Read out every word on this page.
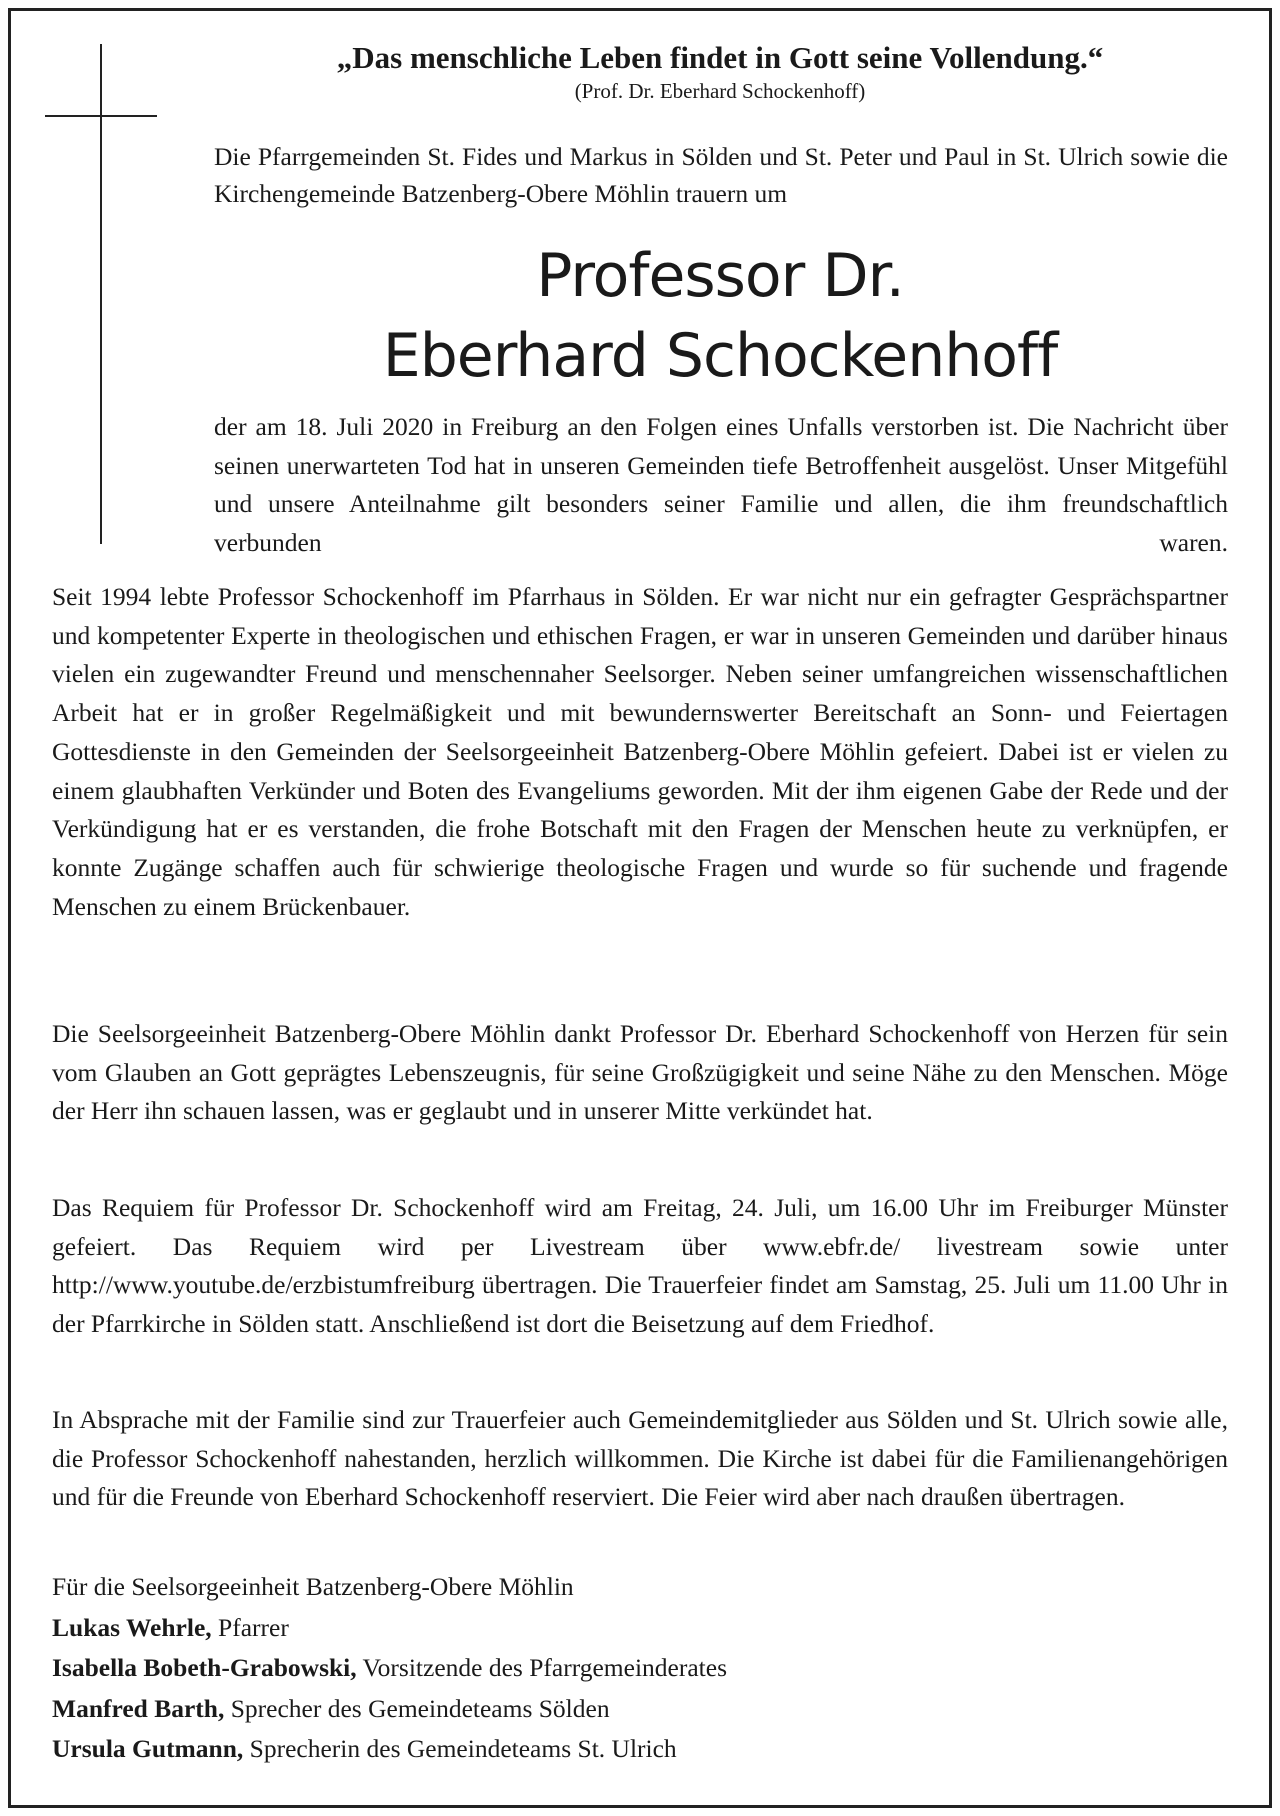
„Das menschliche Leben findet in Gott seine Vollendung.“

(Prof. Dr. Eberhard Schockenhoff)

Die Pfarrgemeinden St. Fides und Markus in Sölden und St. Peter und Paul in St. Ulrich sowie die Kirchengemeinde Batzenberg-Obere Möhlin trauern um

Professor Dr.
Eberhard Schockenhoff

der am 18. Juli 2020 in Freiburg an den Folgen eines Unfalls verstorben ist. Die Nachricht über seinen unerwarteten Tod hat in unseren Gemeinden tiefe Betroffenheit ausgelöst. Unser Mitgefühl und unsere Anteilnahme gilt besonders seiner Familie und allen, die ihm freundschaftlich verbunden waren.

Seit 1994 lebte Professor Schockenhoff im Pfarrhaus in Sölden. Er war nicht nur ein gefragter Gesprächspartner und kompetenter Experte in theologischen und ethischen Fragen, er war in unseren Gemeinden und darüber hinaus vielen ein zugewandter Freund und menschennaher Seelsorger. Neben seiner umfangreichen wissenschaftlichen Arbeit hat er in großer Regelmäßigkeit und mit bewundernswerter Bereitschaft an Sonn- und Feiertagen Gottesdienste in den Gemeinden der Seelsorgeeinheit Batzenberg-Obere Möhlin gefeiert. Dabei ist er vielen zu einem glaubhaften Verkünder und Boten des Evangeliums geworden. Mit der ihm eigenen Gabe der Rede und der Verkündigung hat er es verstanden, die frohe Botschaft mit den Fragen der Menschen heute zu verknüpfen, er konnte Zugänge schaffen auch für schwierige theologische Fragen und wurde so für suchende und fragende Menschen zu einem Brückenbauer.

Die Seelsorgeeinheit Batzenberg-Obere Möhlin dankt Professor Dr. Eberhard Schockenhoff von Herzen für sein vom Glauben an Gott geprägtes Lebenszeugnis, für seine Großzügigkeit und seine Nähe zu den Menschen. Möge der Herr ihn schauen lassen, was er geglaubt und in unserer Mitte verkündet hat.

Das Requiem für Professor Dr. Schockenhoff wird am Freitag, 24. Juli, um 16.00 Uhr im Freiburger Münster gefeiert. Das Requiem wird per Livestream über www.ebfr.de/ livestream sowie unter http://www.youtube.de/erzbistumfreiburg übertragen. Die Trauerfeier findet am Samstag, 25. Juli um 11.00 Uhr in der Pfarrkirche in Sölden statt. Anschließend ist dort die Beisetzung auf dem Friedhof.

In Absprache mit der Familie sind zur Trauerfeier auch Gemeindemitglieder aus Sölden und St. Ulrich sowie alle, die Professor Schockenhoff nahestanden, herzlich willkommen. Die Kirche ist dabei für die Familienangehörigen und für die Freunde von Eberhard Schockenhoff reserviert. Die Feier wird aber nach draußen übertragen.

Für die Seelsorgeeinheit Batzenberg-Obere Möhlin

Lukas Wehrle, Pfarrer

Isabella Bobeth-Grabowski, Vorsitzende des Pfarrgemeinderates

Manfred Barth, Sprecher des Gemeindeteams Sölden

Ursula Gutmann, Sprecherin des Gemeindeteams St. Ulrich
